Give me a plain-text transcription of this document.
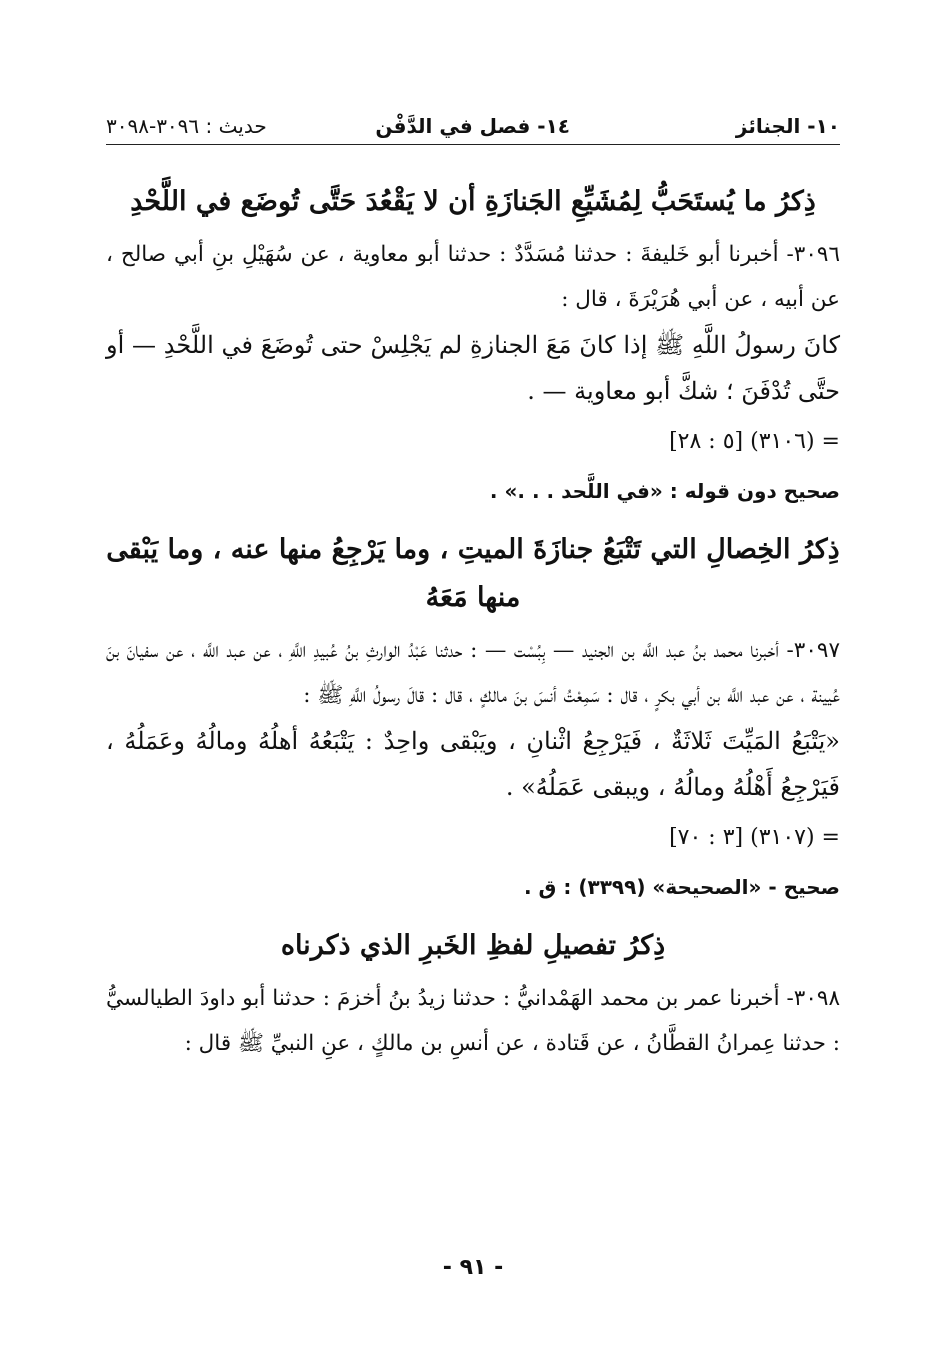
١٠- الجنائز
١٤- فصل في الدَّفْن
حديث : ٣٠٩٦-٣٠٩٨
ذِكرُ ما يُستَحَبُّ لِمُشَيِّعِ الجَنازَةِ أن لا يَقْعُدَ حَتَّى تُوضَع في اللَّحْدِ

٣٠٩٦- أخبرنا أبو خَليفةَ : حدثنا مُسَدَّدٌ : حدثنا أبو معاوية ، عن سُهَيْلِ بنِ أبي صالح ، عن أبيه ، عن أبي هُرَيْرَةَ ، قال :

كانَ رسولُ اللَّهِ ﷺ إذا كانَ مَعَ الجنازةِ لم يَجْلِسْ حتى تُوضَعَ في اللَّحْدِ — أو حتَّى تُدْفَنَ ؛ شكَّ أبو معاوية — .

= (٣١٠٦) [٥ : ٢٨]

صحيح دون قوله : «في اللَّحد . . .» .

ذِكرُ الخِصالِ التي تَتْبَعُ جنازَةَ الميتِ ، وما يَرْجِعُ منها عنه ، وما يَبْقى منها مَعَهُ

٣٠٩٧- أخبرنا محمد بنُ عبد اللَّه بن الجنيد — بِبُسْت — : حدثنا عَبْدُ الوارثِ بنُ عُبيدِ اللَّهِ ، عن عبد اللَّه ، عن سفيانَ بنَ عُيينة ، عن عبد اللَّه بن أبي بكرٍ ، قال : سَمِعْتُ أنسَ بنَ مالكٍ ، قال : قالَ رسولُ اللَّهِ ﷺ :

«يَتْبَعُ المَيِّتَ ثَلاثَةٌ ، فَيَرْجِعُ اثْنانِ ، ويَبْقى واحِدٌ : يَتْبَعُهُ أهلُهُ ومالُهُ وعَمَلُهُ ، فَيَرْجِعُ أَهْلُهُ ومالُهُ ، ويبقى عَمَلُهُ» .

= (٣١٠٧) [٣ : ٧٠]

صحيح - «الصحيحة» (٣٣٩٩) : ق .

ذِكرُ تفصيلِ لفظِ الخَبرِ الذي ذكرناه

٣٠٩٨- أخبرنا عمر بن محمد الهَمْدانيُّ : حدثنا زيدُ بنُ أخزمَ : حدثنا أبو داودَ الطيالسيُّ : حدثنا عِمرانُ القطَّانُ ، عن قَتادة ، عن أنسِ بن مالكٍ ، عنِ النبيِّ ﷺ قال :

- ٩١ -
